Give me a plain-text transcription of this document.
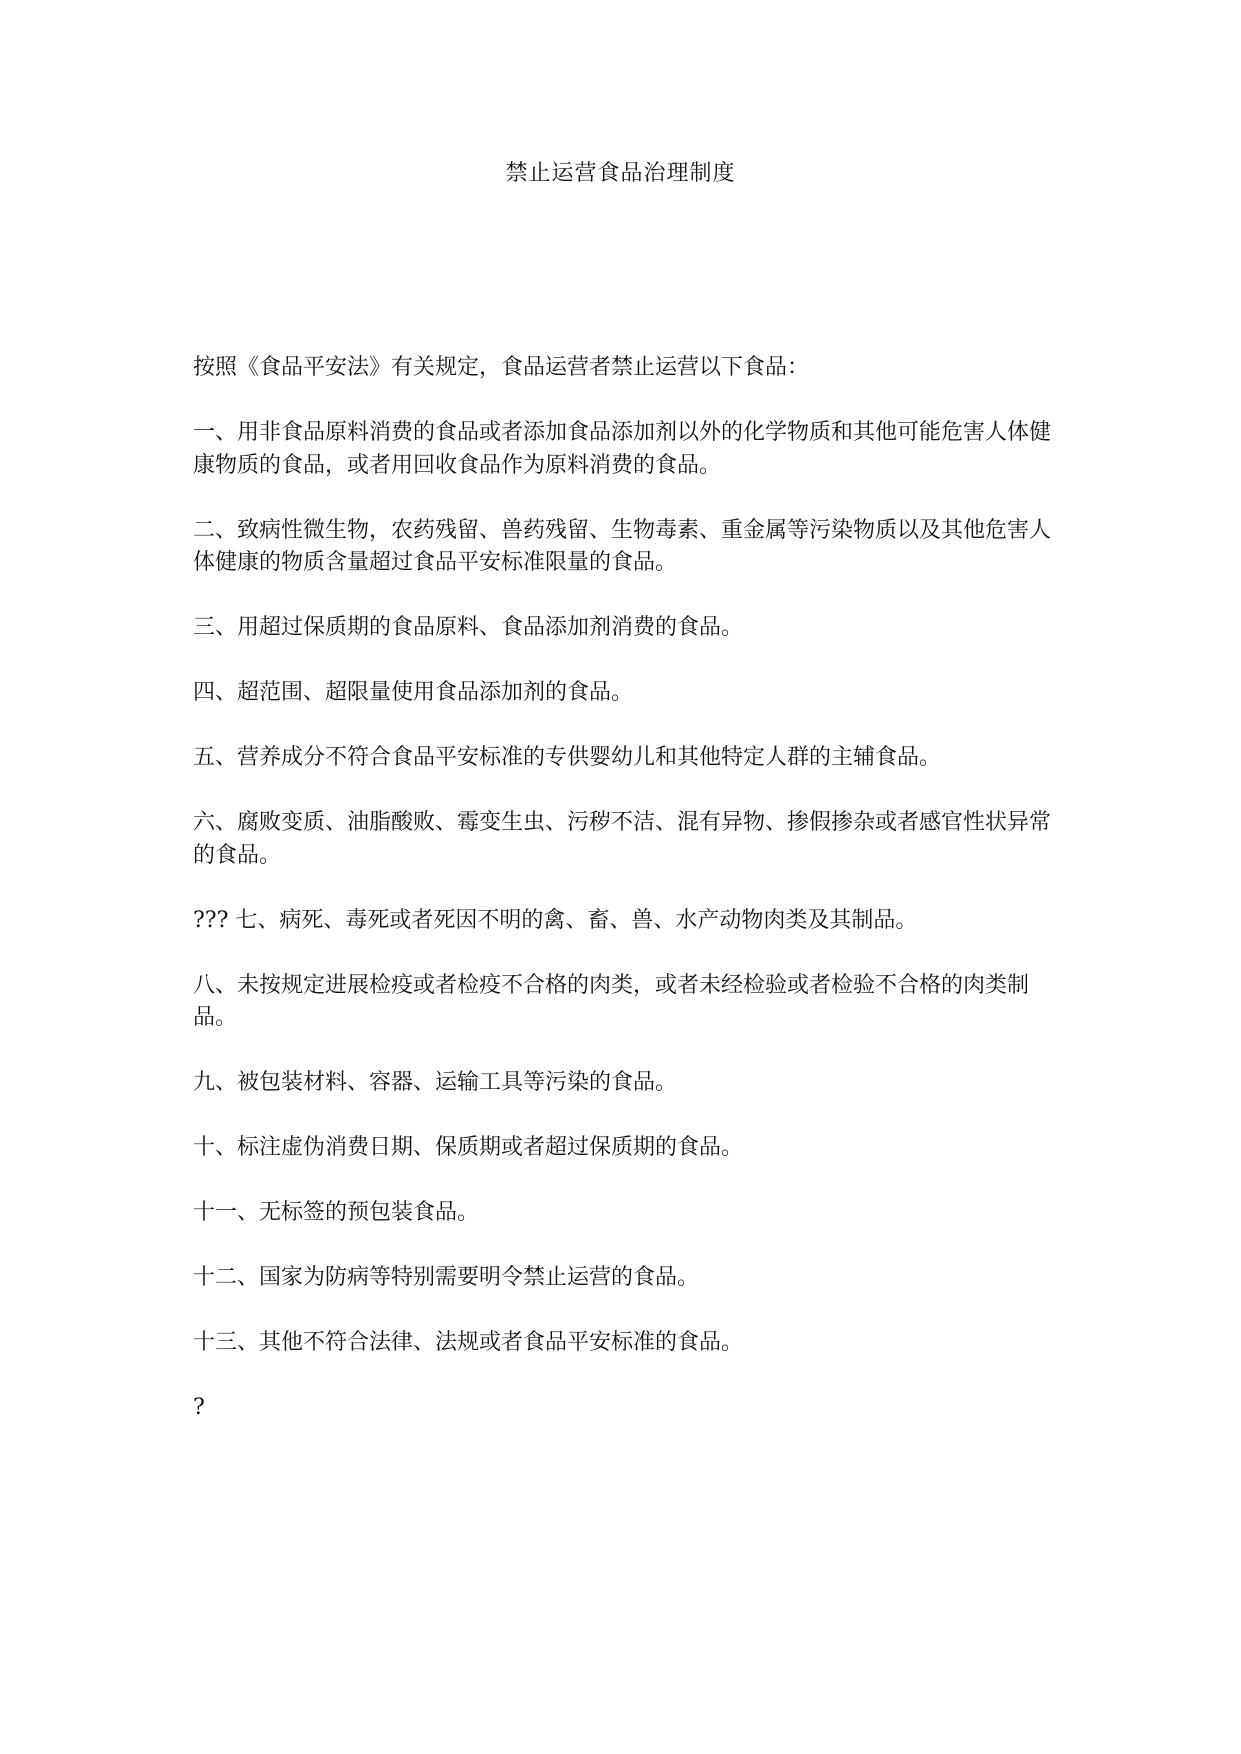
禁止运营食品治理制度

按照《食品平安法》有关规定，食品运营者禁止运营以下食品：

一、用非食品原料消费的食品或者添加食品添加剂以外的化学物质和其他可能危害人体健康物质的食品，或者用回收食品作为原料消费的食品。

二、致病性微生物，农药残留、兽药残留、生物毒素、重金属等污染物质以及其他危害人体健康的物质含量超过食品平安标准限量的食品。

三、用超过保质期的食品原料、食品添加剂消费的食品。

四、超范围、超限量使用食品添加剂的食品。

五、营养成分不符合食品平安标准的专供婴幼儿和其他特定人群的主辅食品。

六、腐败变质、油脂酸败、霉变生虫、污秽不洁、混有异物、掺假掺杂或者感官性状异常的食品。

??? 七、病死、毒死或者死因不明的禽、畜、兽、水产动物肉类及其制品。

八、未按规定进展检疫或者检疫不合格的肉类，或者未经检验或者检验不合格的肉类制品。

九、被包装材料、容器、运输工具等污染的食品。

十、标注虚伪消费日期、保质期或者超过保质期的食品。

十一、无标签的预包装食品。

十二、国家为防病等特别需要明令禁止运营的食品。

十三、其他不符合法律、法规或者食品平安标准的食品。

?
